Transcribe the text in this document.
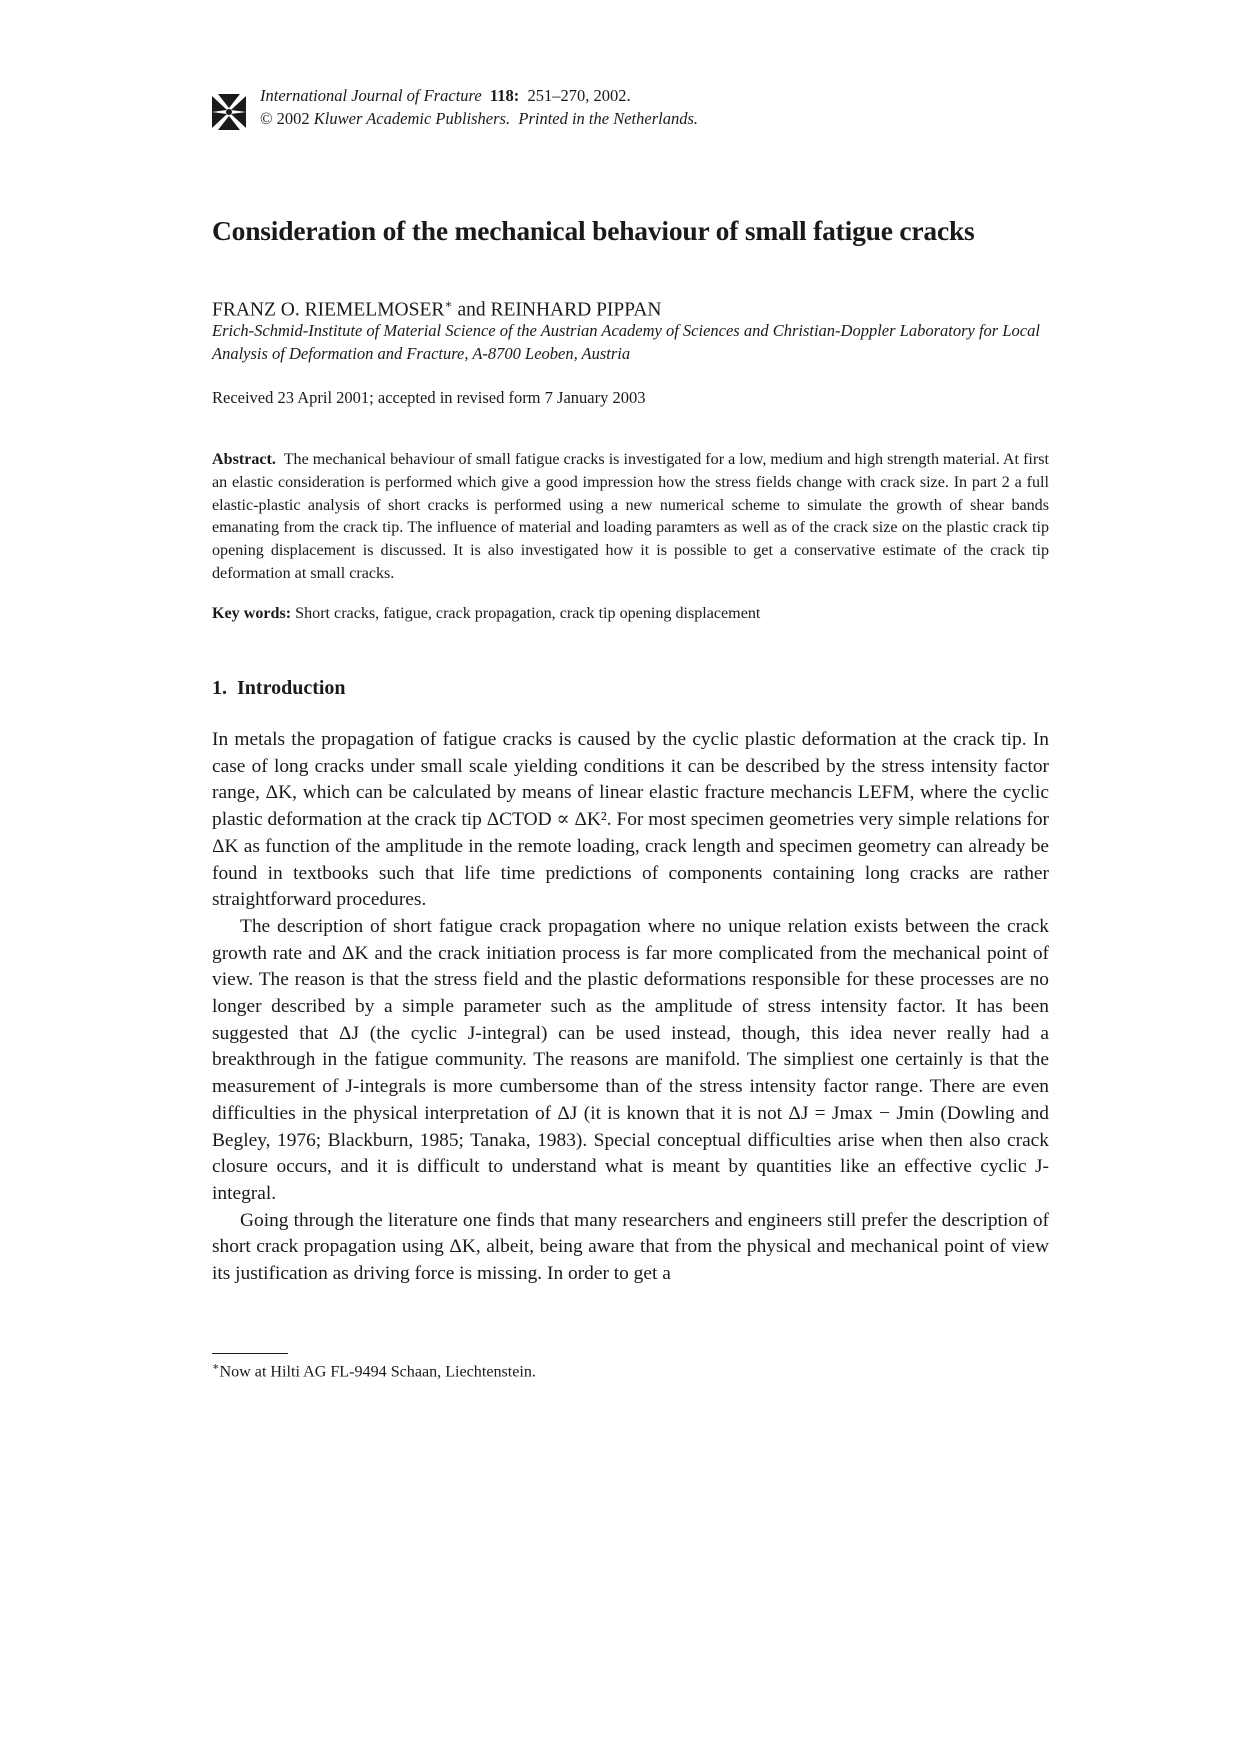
International Journal of Fracture 118: 251–270, 2002.
© 2002 Kluwer Academic Publishers. Printed in the Netherlands.
Consideration of the mechanical behaviour of small fatigue cracks
FRANZ O. RIEMELMOSER∗ and REINHARD PIPPAN
Erich-Schmid-Institute of Material Science of the Austrian Academy of Sciences and Christian-Doppler Laboratory for Local Analysis of Deformation and Fracture, A-8700 Leoben, Austria
Received 23 April 2001; accepted in revised form 7 January 2003

Abstract. The mechanical behaviour of small fatigue cracks is investigated for a low, medium and high strength material. At first an elastic consideration is performed which give a good impression how the stress fields change with crack size. In part 2 a full elastic-plastic analysis of short cracks is performed using a new numerical scheme to simulate the growth of shear bands emanating from the crack tip. The influence of material and loading paramters as well as of the crack size on the plastic crack tip opening displacement is discussed. It is also investigated how it is possible to get a conservative estimate of the crack tip deformation at small cracks.

Key words: Short cracks, fatigue, crack propagation, crack tip opening displacement
1. Introduction

In metals the propagation of fatigue cracks is caused by the cyclic plastic deformation at the crack tip. In case of long cracks under small scale yielding conditions it can be described by the stress intensity factor range, ΔK, which can be calculated by means of linear elastic fracture mechancis LEFM, where the cyclic plastic deformation at the crack tip ΔCTOD ∝ ΔK². For most specimen geometries very simple relations for ΔK as function of the amplitude in the remote loading, crack length and specimen geometry can already be found in textbooks such that life time predictions of components containing long cracks are rather straightforward procedures.

The description of short fatigue crack propagation where no unique relation exists between the crack growth rate and ΔK and the crack initiation process is far more complicated from the mechanical point of view. The reason is that the stress field and the plastic deformations responsible for these processes are no longer described by a simple parameter such as the amplitude of stress intensity factor. It has been suggested that ΔJ (the cyclic J-integral) can be used instead, though, this idea never really had a breakthrough in the fatigue community. The reasons are manifold. The simpliest one certainly is that the measurement of J-integrals is more cumbersome than of the stress intensity factor range. There are even difficulties in the physical interpretation of ΔJ (it is known that it is not ΔJ = Jmax − Jmin (Dowling and Begley, 1976; Blackburn, 1985; Tanaka, 1983). Special conceptual difficulties arise when then also crack closure occurs, and it is difficult to understand what is meant by quantities like an effective cyclic J-integral.

Going through the literature one finds that many researchers and engineers still prefer the description of short crack propagation using ΔK, albeit, being aware that from the physical and mechanical point of view its justification as driving force is missing. In order to get a

∗Now at Hilti AG FL-9494 Schaan, Liechtenstein.
